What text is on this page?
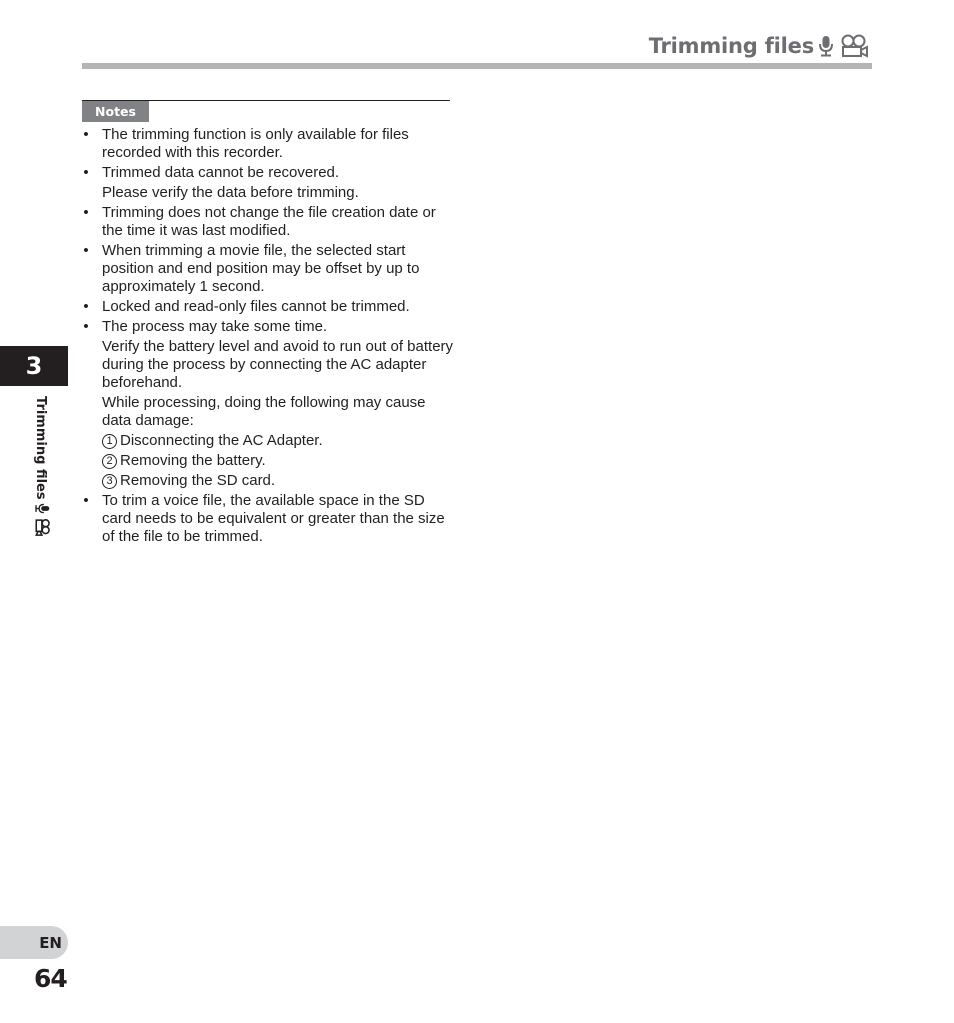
Trimming files
Notes
• The trimming function is only available for files recorded with this recorder.

• Trimmed data cannot be recovered.

Please verify the data before trimming.

• Trimming does not change the file creation date or the time it was last modified.

• When trimming a movie file, the selected start position and end position may be offset by up to approximately 1 second.

• Locked and read-only files cannot be trimmed.

• The process may take some time.

Verify the battery level and avoid to run out of battery during the process by connecting the AC adapter beforehand.

While processing, doing the following may cause data damage:

1 Disconnecting the AC Adapter.
2 Removing the battery.
3 Removing the SD card.
• To trim a voice file, the available space in the SD card needs to be equivalent or greater than the size of the file to be trimmed.

3
Trimming files
EN
64
